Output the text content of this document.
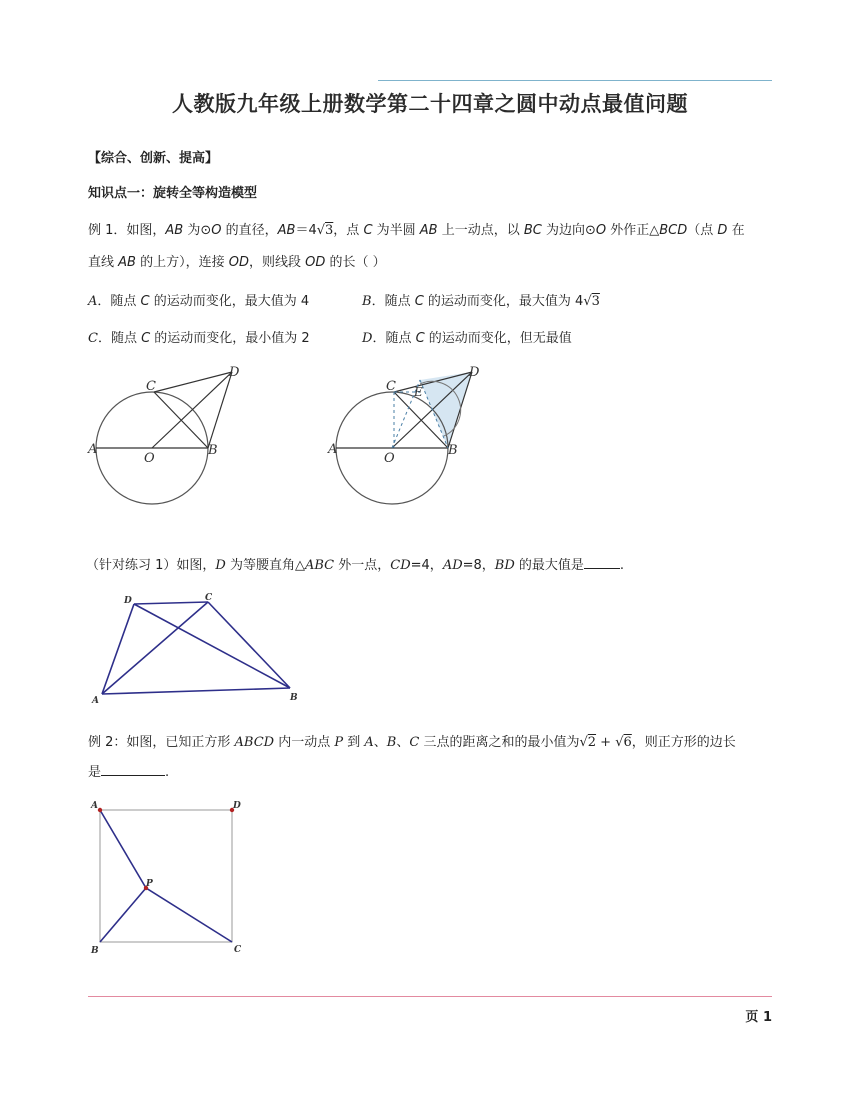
人教版九年级上册数学第二十四章之圆中动点最值问题
【综合、创新、提高】
知识点一：旋转全等构造模型
例 1．如图，AB 为⊙O 的直径，AB＝4√3，点 C 为半圆 AB 上一动点，以 BC 为边向⊙O 外作正△BCD（点 D 在
直线 AB 的上方），连接 OD，则线段 OD 的长（ ）
A．随点 C 的运动而变化，最大值为 4	B．随点 C 的运动而变化，最大值为 4√3
C．随点 C 的运动而变化，最小值为 2	D．随点 C 的运动而变化，但无最值
A
O
B
C
D
A
O
B
C
D
E
（针对练习 1）如图，D 为等腰直角△ABC 外一点，CD=4，AD=8，BD 的最大值是	.
A	B
C
D
例 2：如图，已知正方形 ABCD 内一动点 P 到 A、B、C 三点的距离之和的最小值为√2 + √6，则正方形的边长
是	.
A	D
P
B	C
页 1
